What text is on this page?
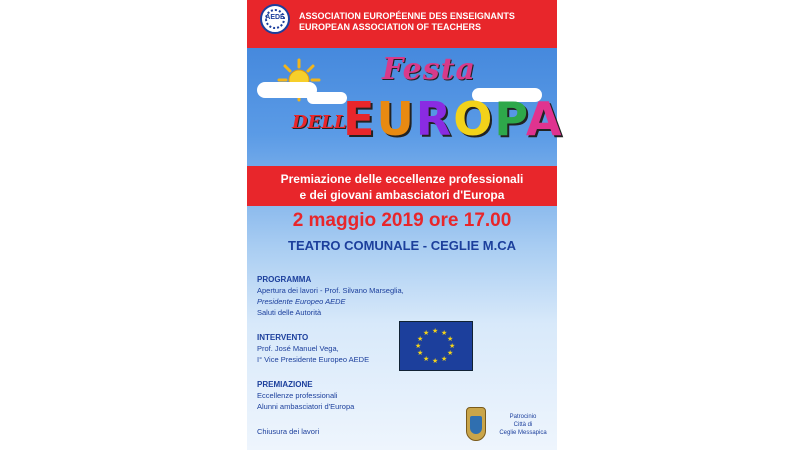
AEDE	ASSOCIATION EUROPÉENNE DES ENSEIGNANTS
EUROPEAN ASSOCIATION OF TEACHERS
Festa
DELL'
EUROPA
Premiazione delle eccellenze professionali
e dei giovani ambasciatori d'Europa
2 maggio 2019 ore 17.00
TEATRO COMUNALE - CEGLIE M.CA
PROGRAMMA
Apertura dei lavori - Prof. Silvano Marseglia,
Presidente Europeo AEDE
Saluti delle Autorità
INTERVENTO
Prof. José Manuel Vega,
I° Vice Presidente Europeo AEDE
PREMIAZIONE
Eccellenze professionali
Alunni ambasciatori d'Europa
Chiusura dei lavori
★ ★
★
★
★
★
★
★
★
★
★
★
Patrocinio
Città di
Ceglie Messapica
